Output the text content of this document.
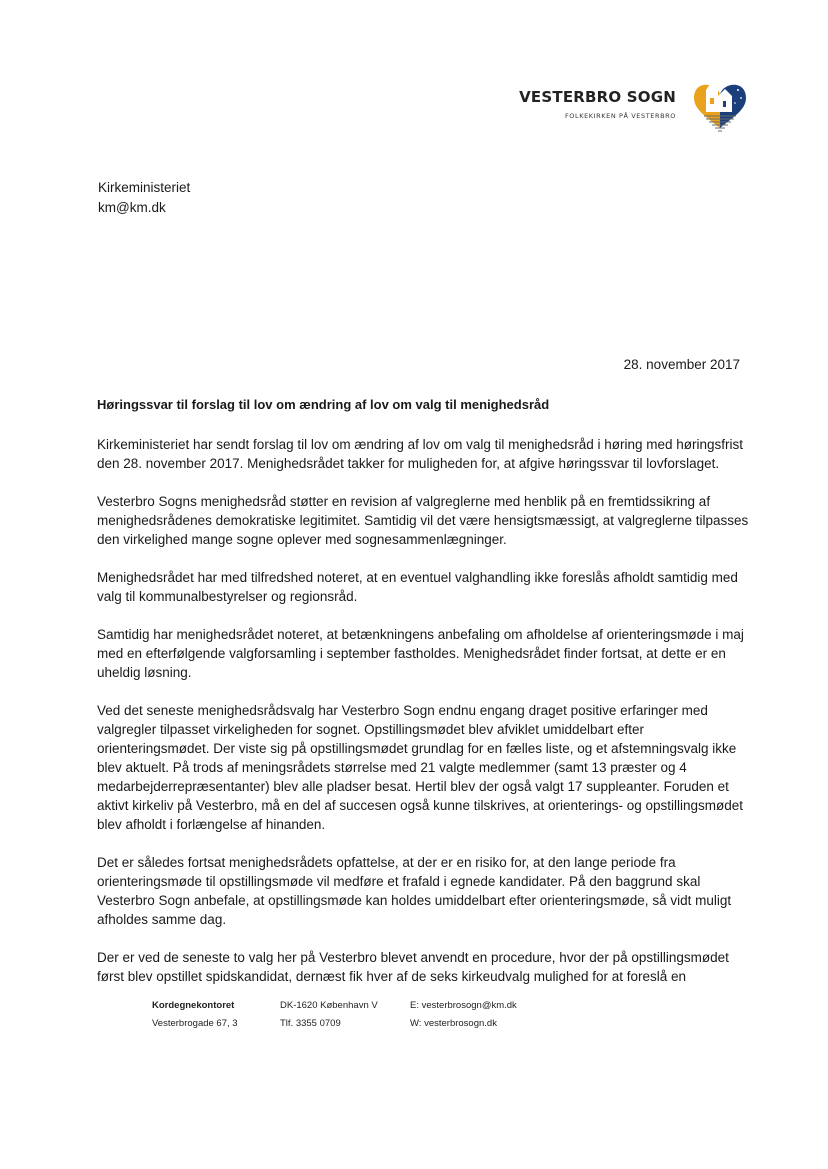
VESTERBRO SOGN
FOLKEKIRKEN PÅ VESTERBRO
Kirkeministeriet
km@km.dk
28. november 2017
Høringssvar til forslag til lov om ændring af lov om valg til menighedsråd

Kirkeministeriet har sendt forslag til lov om ændring af lov om valg til menighedsråd i høring med høringsfrist den 28. november 2017. Menighedsrådet takker for muligheden for, at afgive høringssvar til lovforslaget.

Vesterbro Sogns menighedsråd støtter en revision af valgreglerne med henblik på en fremtidssikring af menighedsrådenes demokratiske legitimitet. Samtidig vil det være hensigtsmæssigt, at valgreglerne tilpasses den virkelighed mange sogne oplever med sognesammenlægninger.

Menighedsrådet har med tilfredshed noteret, at en eventuel valghandling ikke foreslås afholdt samtidig med valg til kommunalbestyrelser og regionsråd.

Samtidig har menighedsrådet noteret, at betænkningens anbefaling om afholdelse af orienteringsmøde i maj med en efterfølgende valgforsamling i september fastholdes. Menighedsrådet finder fortsat, at dette er en uheldig løsning.

Ved det seneste menighedsrådsvalg har Vesterbro Sogn endnu engang draget positive erfaringer med valgregler tilpasset virkeligheden for sognet. Opstillingsmødet blev afviklet umiddelbart efter orienteringsmødet. Der viste sig på opstillingsmødet grundlag for en fælles liste, og et afstemningsvalg ikke blev aktuelt. På trods af meningsrådets størrelse med 21 valgte medlemmer (samt 13 præster og 4 medarbejderrepræsentanter) blev alle pladser besat. Hertil blev der også valgt 17 suppleanter. Foruden et aktivt kirkeliv på Vesterbro, må en del af succesen også kunne tilskrives, at orienterings- og opstillingsmødet blev afholdt i forlængelse af hinanden.

Det er således fortsat menighedsrådets opfattelse, at der er en risiko for, at den lange periode fra orienteringsmøde til opstillingsmøde vil medføre et frafald i egnede kandidater. På den baggrund skal Vesterbro Sogn anbefale, at opstillingsmøde kan holdes umiddelbart efter orienteringsmøde, så vidt muligt afholdes samme dag.

Der er ved de seneste to valg her på Vesterbro blevet anvendt en procedure, hvor der på opstillingsmødet først blev opstillet spidskandidat, dernæst fik hver af de seks kirkeudvalg mulighed for at foreslå en

Kordegnekontoret
Vesterbrogade 67, 3
DK-1620 København V
Tlf. 3355 0709
E: vesterbrosogn@km.dk
W: vesterbrosogn.dk
